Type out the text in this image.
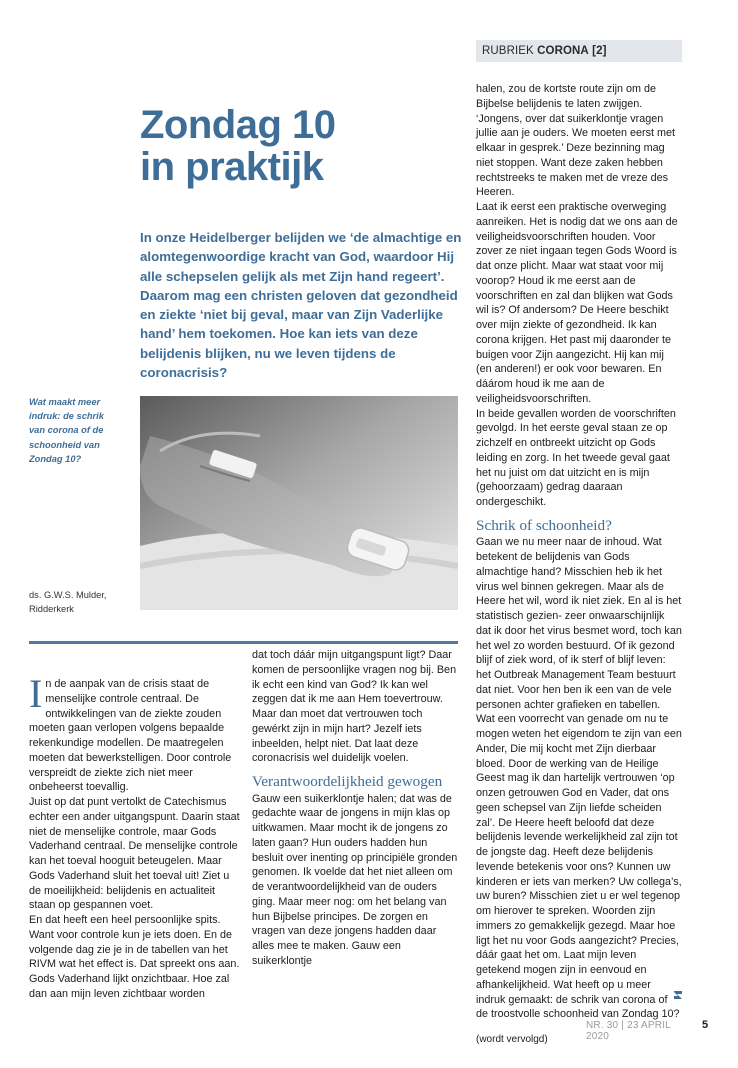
RUBRIEK CORONA [2]
Zondag 10
in praktijk

In onze Heidelberger belijden we ‘de almachtige en alomtegenwoordige kracht van God, waardoor Hij alle schepselen gelijk als met Zijn hand regeert’. Daarom mag een christen geloven dat gezondheid en ziekte ‘niet bij geval, maar van Zijn Vaderlijke hand’ hem toekomen. Hoe kan iets van deze belijdenis blijken, nu we leven tijdens de coronacrisis?

Wat maakt meer indruk: de schrik van corona of de schoonheid van Zondag 10?

ds. G.W.S. Mulder,
Ridderkerk

I n de aanpak van de crisis staat de menselijke controle centraal. De ontwikkelingen van de ziekte zouden moeten gaan verlopen volgens bepaalde rekenkundige modellen. De maatregelen moeten dat bewerkstelligen. Door controle verspreidt de ziekte zich niet meer onbeheerst toevallig.

Juist op dat punt vertolkt de Catechismus echter een ander uitgangspunt. Daarin staat niet de menselijke controle, maar Gods Vaderhand centraal. De menselijke controle kan het toeval hooguit beteugelen. Maar Gods Vaderhand sluit het toeval uit! Ziet u de moeilijkheid: belijdenis en actualiteit staan op gespannen voet.

En dat heeft een heel persoonlijke spits. Want voor controle kun je iets doen. En de volgende dag zie je in de tabellen van het RIVM wat het effect is. Dat spreekt ons aan. Gods Vaderhand lijkt onzichtbaar. Hoe zal dan aan mijn leven zichtbaar worden

dat toch dáár mijn uitgangspunt ligt? Daar komen de persoonlijke vragen nog bij. Ben ik echt een kind van God? Ik kan wel zeggen dat ik me aan Hem toevertrouw. Maar dan moet dat vertrouwen toch gewérkt zijn in mijn hart? Jezelf iets inbeelden, helpt niet. Dat laat deze coronacrisis wel duidelijk voelen.

Verantwoordelijkheid gewogen

Gauw een suikerklontje halen; dat was de gedachte waar de jongens in mijn klas op uitkwamen. Maar mocht ik de jongens zo laten gaan? Hun ouders hadden hun besluit over inenting op principiële gronden genomen. Ik voelde dat het niet alleen om de verantwoordelijkheid van de ouders ging. Maar meer nog: om het belang van hun Bijbelse principes. De zorgen en vragen van deze jongens hadden daar alles mee te maken. Gauw een suikerklontje

halen, zou de kortste route zijn om de Bijbelse belijdenis te laten zwijgen. ‘Jongens, over dat suikerklontje vragen jullie aan je ouders. We moeten eerst met elkaar in gesprek.’ Deze bezinning mag niet stoppen. Want deze zaken hebben rechtstreeks te maken met de vreze des Heeren.

Laat ik eerst een praktische overweging aanreiken. Het is nodig dat we ons aan de veiligheidsvoorschriften houden. Voor zover ze niet ingaan tegen Gods Woord is dat onze plicht. Maar wat staat voor mij voorop? Houd ik me eerst aan de voorschriften en zal dan blijken wat Gods wil is? Of andersom? De Heere beschikt over mijn ziekte of gezondheid. Ik kan corona krijgen. Het past mij daaronder te buigen voor Zijn aangezicht. Hij kan mij (en anderen!) er ook voor bewaren. En dáárom houd ik me aan de veiligheidsvoorschriften.

In beide gevallen worden de voorschriften gevolgd. In het eerste geval staan ze op zichzelf en ontbreekt uitzicht op Gods leiding en zorg. In het tweede geval gaat het nu juist om dat uitzicht en is mijn (gehoorzaam) gedrag daaraan ondergeschikt.

Schrik of schoonheid?

Gaan we nu meer naar de inhoud. Wat betekent de belijdenis van Gods almachtige hand? Misschien heb ik het virus wel binnen gekregen. Maar als de Heere het wil, word ik niet ziek. En al is het statistisch gezien- zeer onwaarschijnlijk dat ik door het virus besmet word, toch kan het wel zo worden bestuurd. Of ik gezond blijf of ziek word, of ik sterf of blijf leven: het Outbreak Management Team bestuurt dat niet. Voor hen ben ik een van de vele personen achter grafieken en tabellen.

Wat een voorrecht van genade om nu te mogen weten het eigendom te zijn van een Ander, Die mij kocht met Zijn dierbaar bloed. Door de werking van de Heilige Geest mag ik dan hartelijk vertrouwen ‘op onzen getrouwen God en Vader, dat ons geen schepsel van Zijn liefde scheiden zal’. De Heere heeft beloofd dat deze belijdenis levende werkelijkheid zal zijn tot de jongste dag. Heeft deze belijdenis levende betekenis voor ons? Kunnen uw kinderen er iets van merken? Uw collega’s, uw buren? Misschien ziet u er wel tegenop om hierover te spreken. Woorden zijn immers zo gemakkelijk gezegd. Maar hoe ligt het nu voor Gods aangezicht? Precies, dáár gaat het om. Laat mijn leven getekend mogen zijn in eenvoud en afhankelijkheid. Wat heeft op u meer indruk gemaakt: de schrik van corona of de troostvolle schoonheid van Zondag 10?

(wordt vervolgd)

NR. 30 | 23 APRIL 2020
5
